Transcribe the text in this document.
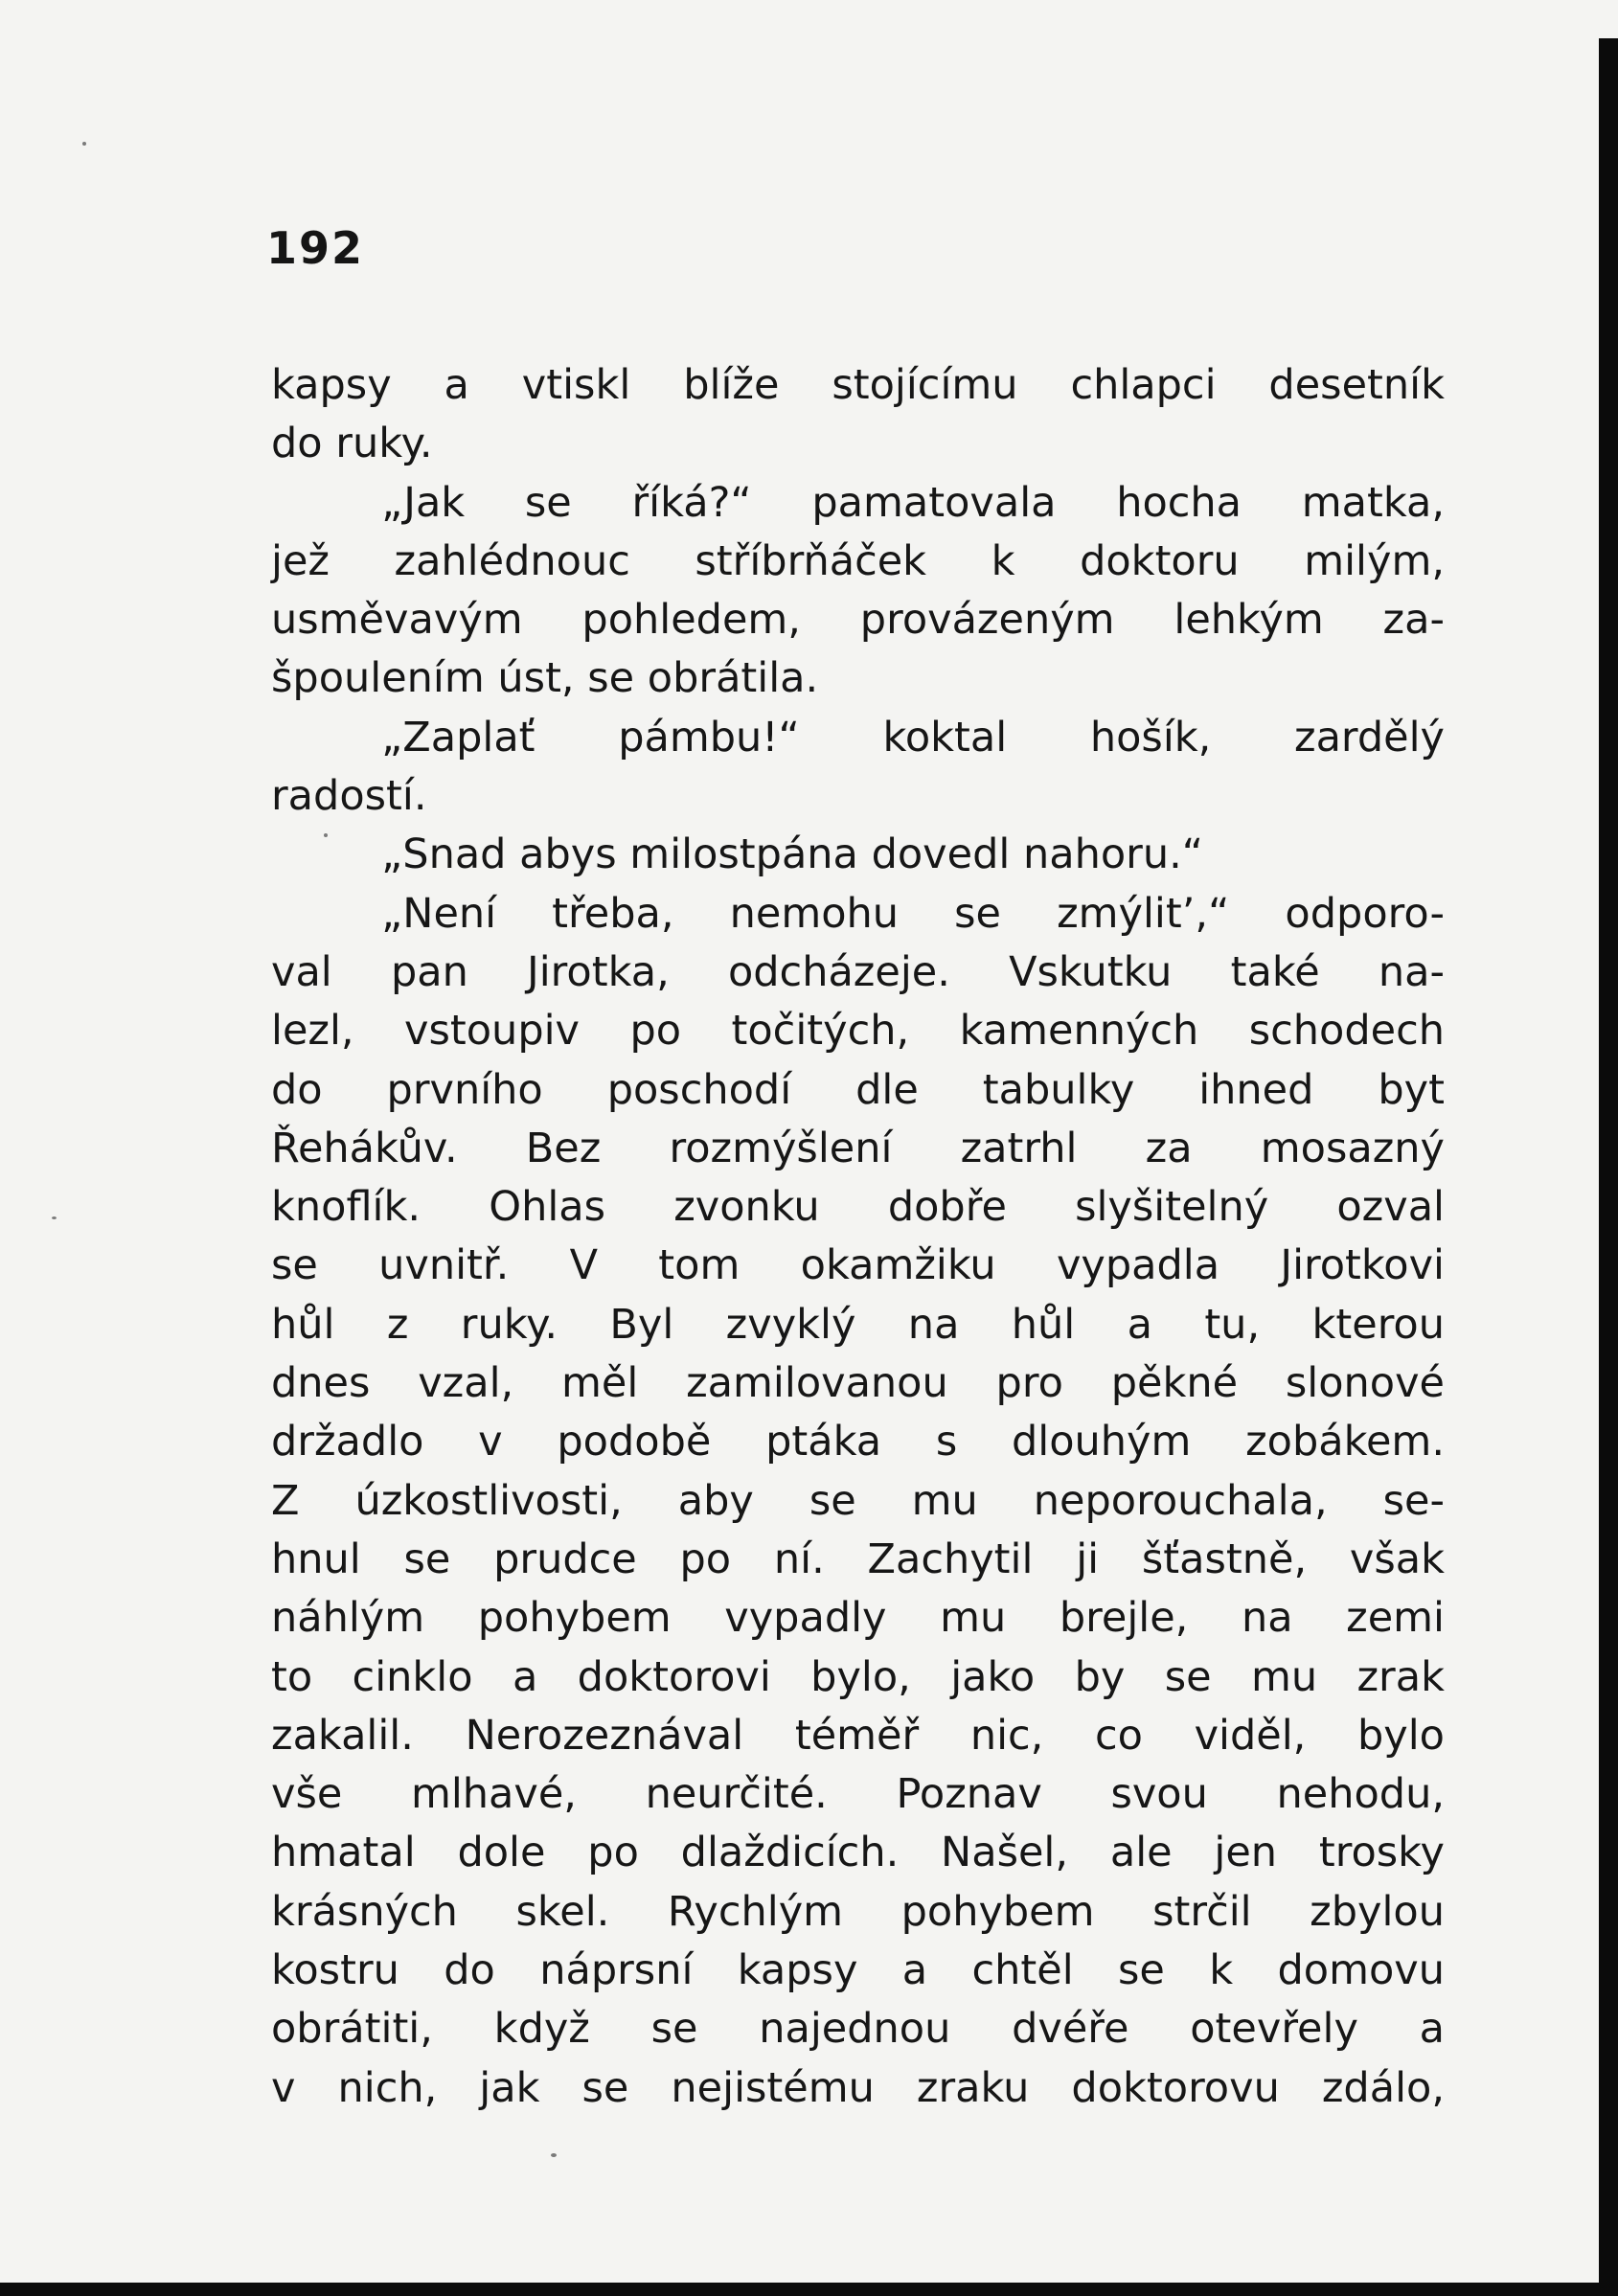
192
kapsy a vtiskl blíže stojícímu chlapci desetník
do ruky.
„Jak se říká?“ pamatovala hocha matka,
jež zahlédnouc stříbrňáček k doktoru milým,
usměvavým pohledem, provázeným lehkým za-
špoulením úst, se obrátila.
„Zaplať pámbu!“ koktal hošík, zardělý
radostí.
„Snad abys milostpána dovedl nahoru.“
„Není třeba, nemohu se zmýlit’,“ odporo-
val pan Jirotka, odcházeje. Vskutku také na-
lezl, vstoupiv po točitých, kamenných schodech
do prvního poschodí dle tabulky ihned byt
Řehákův. Bez rozmýšlení zatrhl za mosazný
knoflík. Ohlas zvonku dobře slyšitelný ozval
se uvnitř. V tom okamžiku vypadla Jirotkovi
hůl z ruky. Byl zvyklý na hůl a tu, kterou
dnes vzal, měl zamilovanou pro pěkné slonové
držadlo v podobě ptáka s dlouhým zobákem.
Z úzkostlivosti, aby se mu neporouchala, se-
hnul se prudce po ní. Zachytil ji šťastně, však
náhlým pohybem vypadly mu brejle, na zemi
to cinklo a doktorovi bylo, jako by se mu zrak
zakalil. Nerozeznával téměř nic, co viděl, bylo
vše mlhavé, neurčité. Poznav svou nehodu,
hmatal dole po dlaždicích. Našel, ale jen trosky
krásných skel. Rychlým pohybem strčil zbylou
kostru do náprsní kapsy a chtěl se k domovu
obrátiti, když se najednou dvéře otevřely a
v nich, jak se nejistému zraku doktorovu zdálo,
